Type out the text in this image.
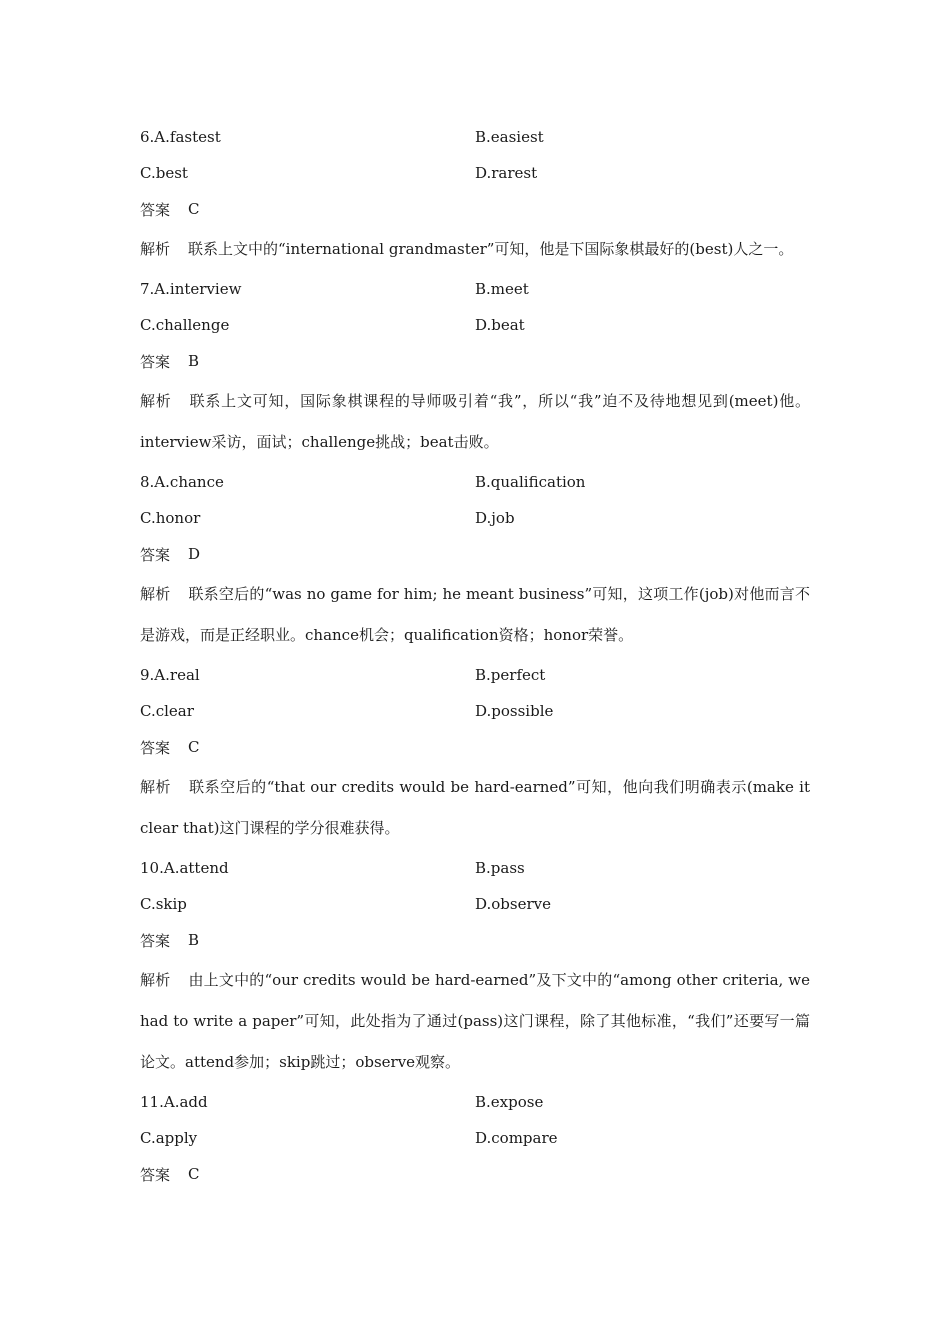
6.A.fastest	B.easiest
C.best	D.rarest
答案 C
解析 联系上文中的“international grandmaster”可知，他是下国际象棋最好的(best)人之一。
7.A.interview	B.meet
C.challenge	D.beat
答案 B
解析 联系上文可知，国际象棋课程的导师吸引着“我”，所以“我”迫不及待地想见到(meet)他。interview采访，面试；challenge挑战；beat击败。
8.A.chance	B.qualification
C.honor	D.job
答案 D
解析 联系空后的“was no game for him; he meant business”可知，这项工作(job)对他而言不是游戏，而是正经职业。chance机会；qualification资格；honor荣誉。
9.A.real	B.perfect
C.clear	D.possible
答案 C
解析 联系空后的“that our credits would be hard-earned”可知，他向我们明确表示(make it clear that)这门课程的学分很难获得。
10.A.attend	B.pass
C.skip	D.observe
答案 B
解析 由上文中的“our credits would be hard-earned”及下文中的“among other criteria, we had to write a paper”可知，此处指为了通过(pass)这门课程，除了其他标准，“我们”还要写一篇论文。attend参加；skip跳过；observe观察。
11.A.add	B.expose
C.apply	D.compare
答案 C
